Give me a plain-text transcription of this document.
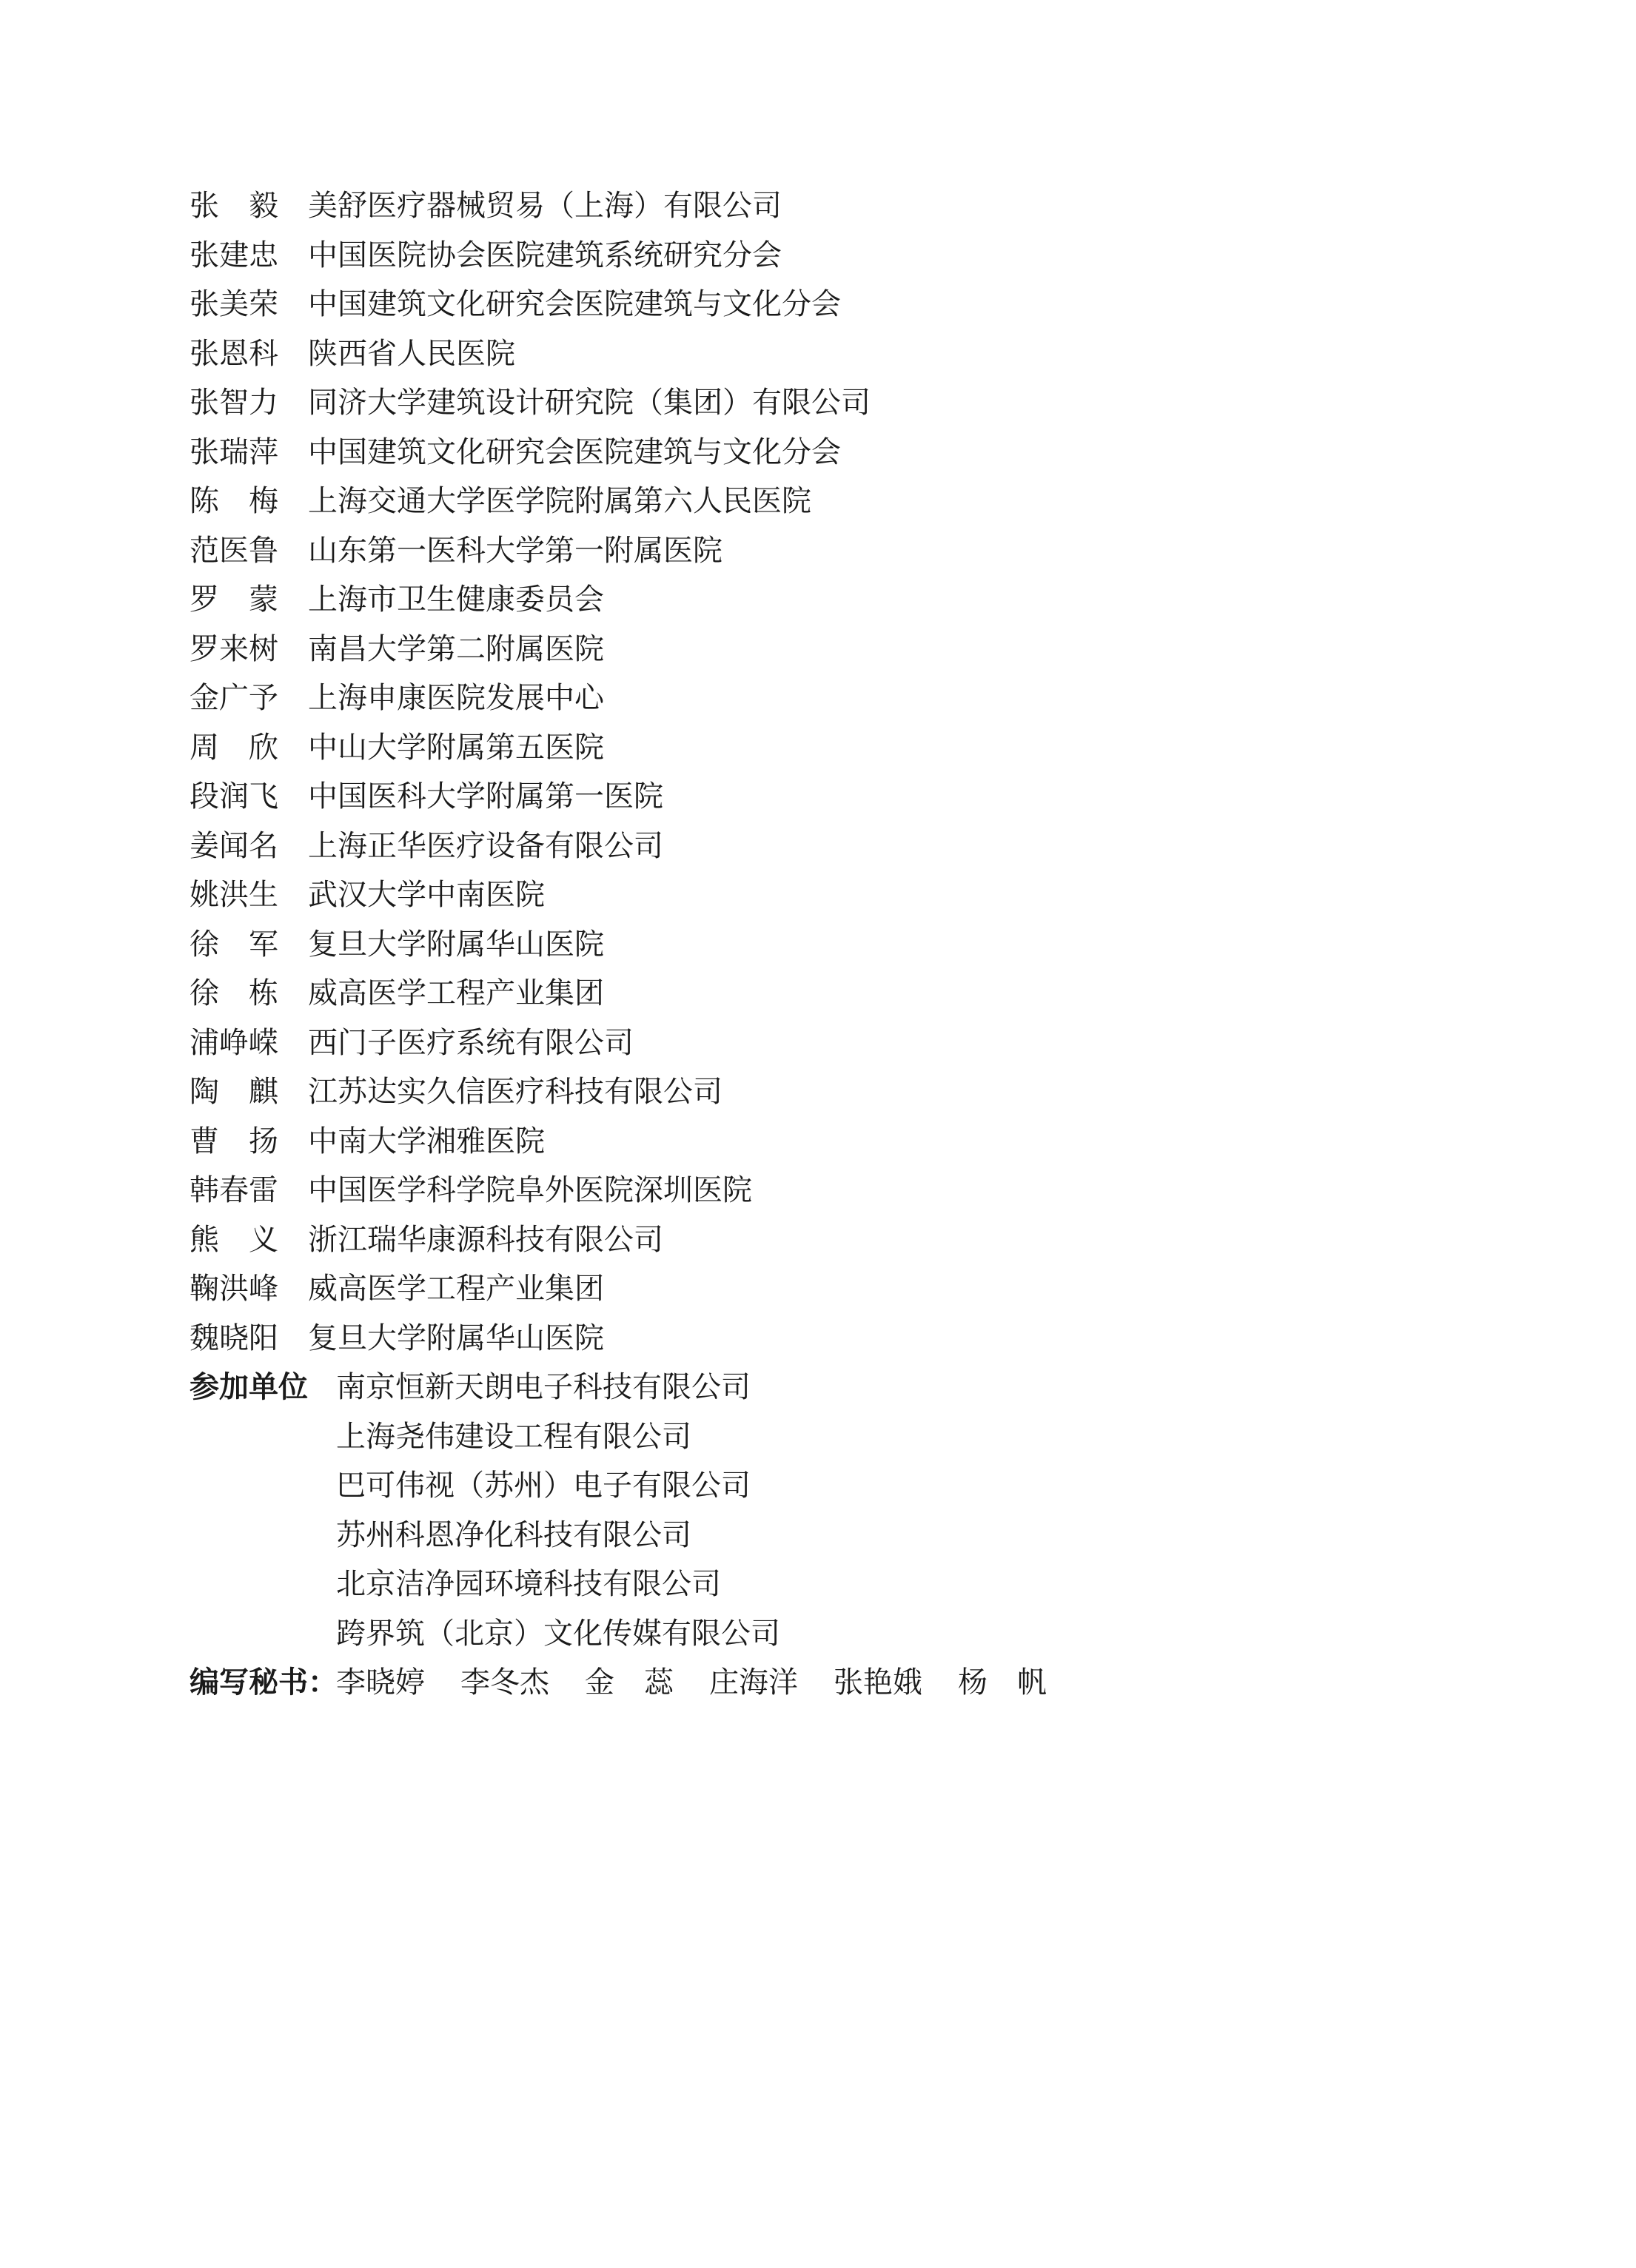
张　毅	美舒医疗器械贸易（上海）有限公司
张建忠	中国医院协会医院建筑系统研究分会
张美荣	中国建筑文化研究会医院建筑与文化分会
张恩科	陕西省人民医院
张智力	同济大学建筑设计研究院（集团）有限公司
张瑞萍	中国建筑文化研究会医院建筑与文化分会
陈　梅	上海交通大学医学院附属第六人民医院
范医鲁	山东第一医科大学第一附属医院
罗　蒙	上海市卫生健康委员会
罗来树	南昌大学第二附属医院
金广予	上海申康医院发展中心
周　欣	中山大学附属第五医院
段润飞	中国医科大学附属第一医院
姜闻名	上海正华医疗设备有限公司
姚洪生	武汉大学中南医院
徐　军	复旦大学附属华山医院
徐　栋	威高医学工程产业集团
浦峥嵘	西门子医疗系统有限公司
陶　麒	江苏达实久信医疗科技有限公司
曹　扬	中南大学湘雅医院
韩春雷	中国医学科学院阜外医院深圳医院
熊　义	浙江瑞华康源科技有限公司
鞠洪峰	威高医学工程产业集团
魏晓阳	复旦大学附属华山医院
参加单位 南京恒新天朗电子科技有限公司
上海尧伟建设工程有限公司
巴可伟视（苏州）电子有限公司
苏州科恩净化科技有限公司
北京洁净园环境科技有限公司
跨界筑（北京）文化传媒有限公司
编写秘书：
李晓婷 李冬杰 金　蕊 庄海洋 张艳娥 杨　帆
